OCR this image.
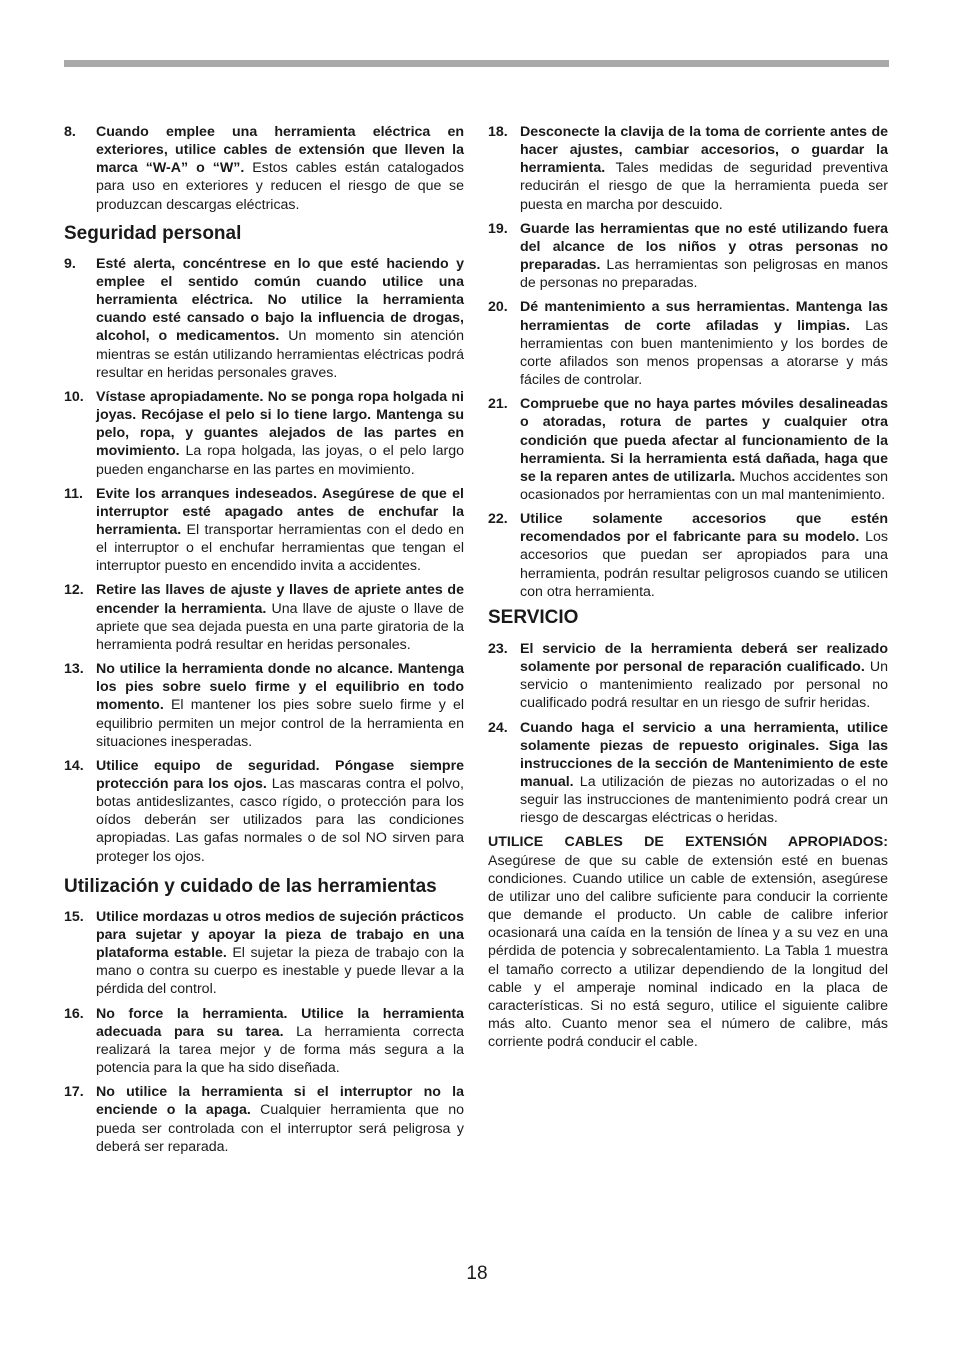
8.	Cuando emplee una herramienta eléctrica en exteriores, utilice cables de extensión que lleven la marca “W-A” o “W”. Estos cables están catalogados para uso en exteriores y reducen el riesgo de que se produzcan descargas eléctricas.
Seguridad personal
9.	Esté alerta, concéntrese en lo que esté haciendo y emplee el sentido común cuando utilice una herramienta eléctrica. No utilice la herramienta cuando esté cansado o bajo la influencia de drogas, alcohol, o medicamentos. Un momento sin atención mientras se están utilizando herramientas eléctricas podrá resultar en heridas personales graves.
10. Vístase apropiadamente. No se ponga ropa holgada ni joyas. Recójase el pelo si lo tiene largo. Mantenga su pelo, ropa, y guantes alejados de las partes en movimiento. La ropa holgada, las joyas, o el pelo largo pueden engancharse en las partes en movimiento.
11. Evite los arranques indeseados. Asegúrese de que el interruptor esté apagado antes de enchufar la herramienta. El transportar herramientas con el dedo en el interruptor o el enchufar herramientas que tengan el interruptor puesto en encendido invita a accidentes.
12. Retire las llaves de ajuste y llaves de apriete antes de encender la herramienta. Una llave de ajuste o llave de apriete que sea dejada puesta en una parte giratoria de la herramienta podrá resultar en heridas personales.
13. No utilice la herramienta donde no alcance. Mantenga los pies sobre suelo firme y el equilibrio en todo momento. El mantener los pies sobre suelo firme y el equilibrio permiten un mejor control de la herramienta en situaciones inesperadas.
14. Utilice equipo de seguridad. Póngase siempre protección para los ojos. Las mascaras contra el polvo, botas antideslizantes, casco rígido, o protección para los oídos deberán ser utilizados para las condiciones apropiadas. Las gafas normales o de sol NO sirven para proteger los ojos.
Utilización y cuidado de las herramientas
15. Utilice mordazas u otros medios de sujeción prácticos para sujetar y apoyar la pieza de trabajo en una plataforma estable. El sujetar la pieza de trabajo con la mano o contra su cuerpo es inestable y puede llevar a la pérdida del control.
16. No force la herramienta. Utilice la herramienta adecuada para su tarea. La herramienta correcta realizará la tarea mejor y de forma más segura a la potencia para la que ha sido diseñada.
17. No utilice la herramienta si el interruptor no la enciende o la apaga. Cualquier herramienta que no pueda ser controlada con el interruptor será peligrosa y deberá ser reparada.
18. Desconecte la clavija de la toma de corriente antes de hacer ajustes, cambiar accesorios, o guardar la herramienta. Tales medidas de seguridad preventiva reducirán el riesgo de que la herramienta pueda ser puesta en marcha por descuido.
19. Guarde las herramientas que no esté utilizando fuera del alcance de los niños y otras personas no preparadas. Las herramientas son peligrosas en manos de personas no preparadas.
20. Dé mantenimiento a sus herramientas. Mantenga las herramientas de corte afiladas y limpias. Las herramientas con buen mantenimiento y los bordes de corte afilados son menos propensas a atorarse y más fáciles de controlar.
21. Compruebe que no haya partes móviles desalineadas o atoradas, rotura de partes y cualquier otra condición que pueda afectar al funcionamiento de la herramienta. Si la herramienta está dañada, haga que se la reparen antes de utilizarla. Muchos accidentes son ocasionados por herramientas con un mal mantenimiento.
22. Utilice solamente accesorios que estén recomendados por el fabricante para su modelo. Los accesorios que puedan ser apropiados para una herramienta, podrán resultar peligrosos cuando se utilicen con otra herramienta.
SERVICIO
23. El servicio de la herramienta deberá ser realizado solamente por personal de reparación cualificado. Un servicio o mantenimiento realizado por personal no cualificado podrá resultar en un riesgo de sufrir heridas.
24. Cuando haga el servicio a una herramienta, utilice solamente piezas de repuesto originales. Siga las instrucciones de la sección de Mantenimiento de este manual. La utilización de piezas no autorizadas o el no seguir las instrucciones de mantenimiento podrá crear un riesgo de descargas eléctricas o heridas.
UTILICE CABLES DE EXTENSIÓN APROPIADOS: Asegúrese de que su cable de extensión esté en buenas condiciones. Cuando utilice un cable de extensión, asegúrese de utilizar uno del calibre suficiente para conducir la corriente que demande el producto. Un cable de calibre inferior ocasionará una caída en la tensión de línea y a su vez en una pérdida de potencia y sobrecalentamiento. La Tabla 1 muestra el tamaño correcto a utilizar dependiendo de la longitud del cable y el amperaje nominal indicado en la placa de características. Si no está seguro, utilice el siguiente calibre más alto. Cuanto menor sea el número de calibre, más corriente podrá conducir el cable.
18
